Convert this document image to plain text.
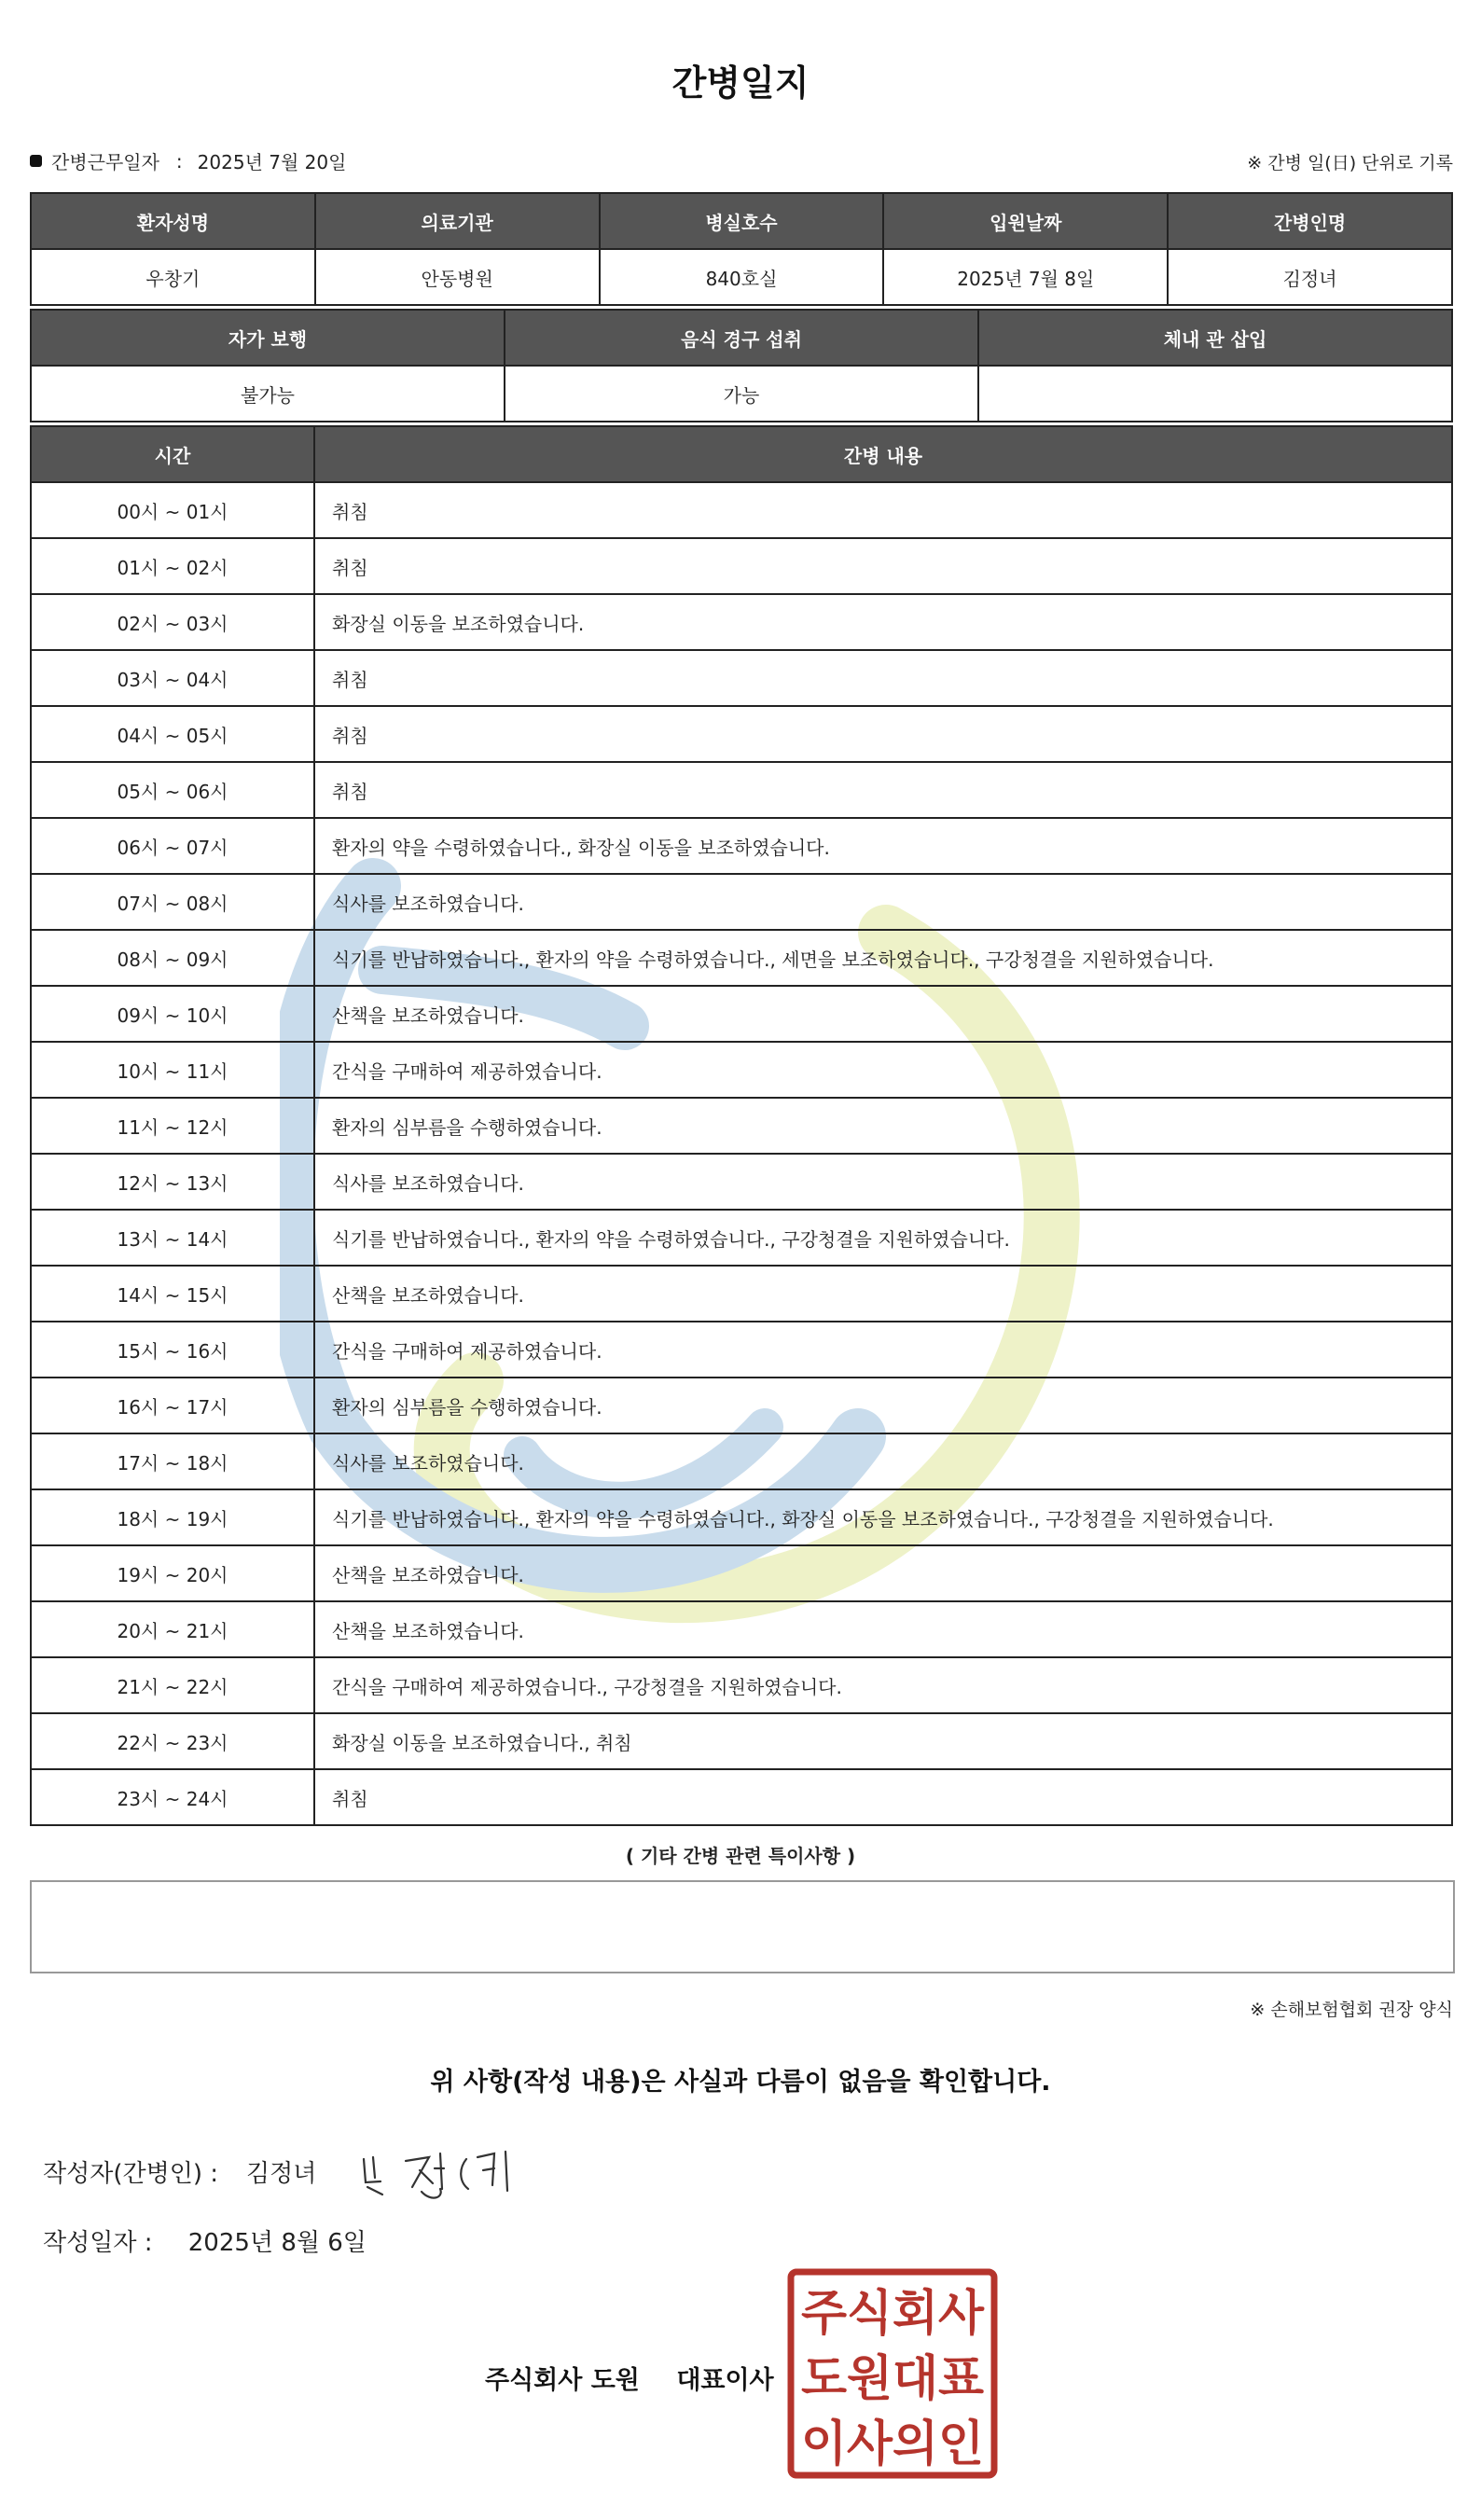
간병일지
간병근무일자 : 2025년 7월 20일	※ 간병 일(日) 단위로 기록
환자성명	의료기관	병실호수	입원날짜	간병인명
우창기	안동병원	840호실	2025년 7월 8일	김정녀
자가 보행	음식 경구 섭취	체내 관 삽입
불가능	가능	
시간	간병 내용
00시 ~ 01시	취침
01시 ~ 02시	취침
02시 ~ 03시	화장실 이동을 보조하였습니다.
03시 ~ 04시	취침
04시 ~ 05시	취침
05시 ~ 06시	취침
06시 ~ 07시	환자의 약을 수령하였습니다., 화장실 이동을 보조하였습니다.
07시 ~ 08시	식사를 보조하였습니다.
08시 ~ 09시	식기를 반납하였습니다., 환자의 약을 수령하였습니다., 세면을 보조하였습니다., 구강청결을 지원하였습니다.
09시 ~ 10시	산책을 보조하였습니다.
10시 ~ 11시	간식을 구매하여 제공하였습니다.
11시 ~ 12시	환자의 심부름을 수행하였습니다.
12시 ~ 13시	식사를 보조하였습니다.
13시 ~ 14시	식기를 반납하였습니다., 환자의 약을 수령하였습니다., 구강청결을 지원하였습니다.
14시 ~ 15시	산책을 보조하였습니다.
15시 ~ 16시	간식을 구매하여 제공하였습니다.
16시 ~ 17시	환자의 심부름을 수행하였습니다.
17시 ~ 18시	식사를 보조하였습니다.
18시 ~ 19시	식기를 반납하였습니다., 환자의 약을 수령하였습니다., 화장실 이동을 보조하였습니다., 구강청결을 지원하였습니다.
19시 ~ 20시	산책을 보조하였습니다.
20시 ~ 21시	산책을 보조하였습니다.
21시 ~ 22시	간식을 구매하여 제공하였습니다., 구강청결을 지원하였습니다.
22시 ~ 23시	화장실 이동을 보조하였습니다., 취침
23시 ~ 24시	취침
( 기타 간병 관련 특이사항 )
※ 손해보험협회 권장 양식
위 사항(작성 내용)은 사실과 다름이 없음을 확인합니다.
작성자(간병인) : 김정녀
작성일자 : 2025년 8월 6일
주식회사 도원 대표이사
주식회사
도원대표
이사의인
